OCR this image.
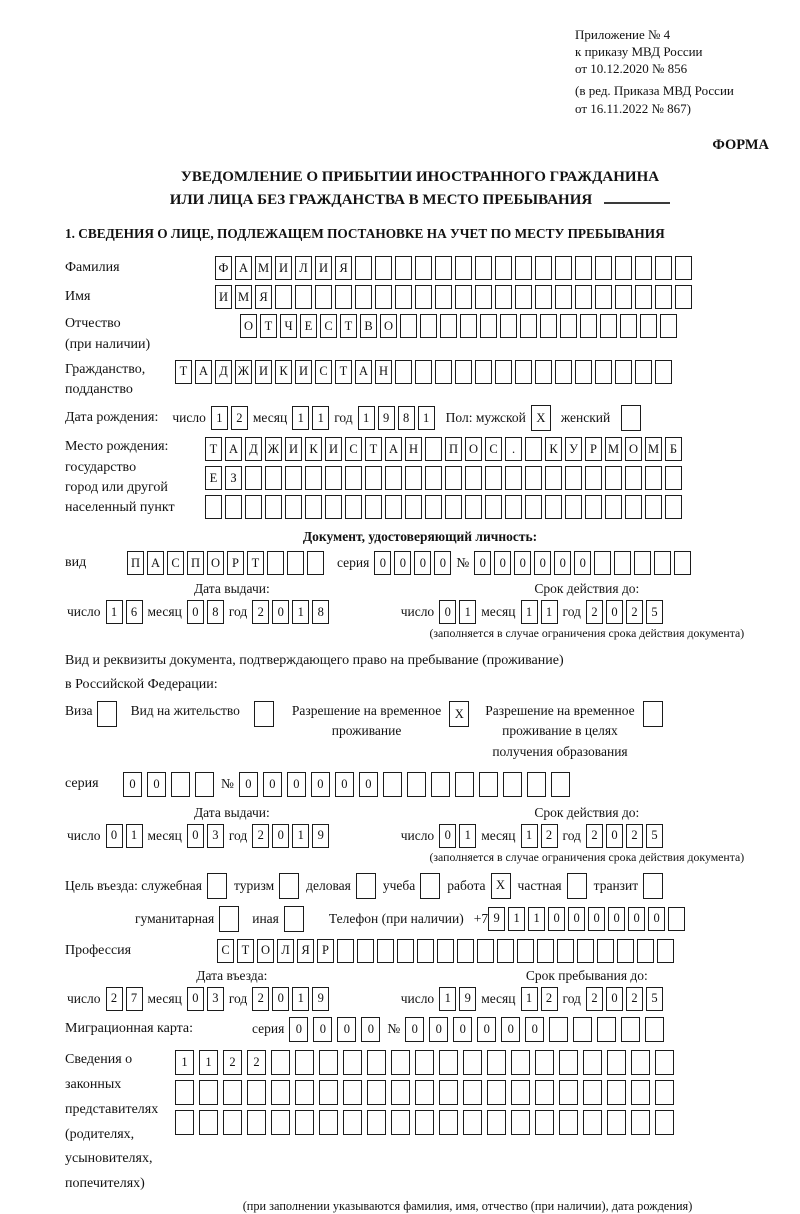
Приложение № 4
к приказу МВД России
от 10.12.2020 № 856
(в ред. Приказа МВД России
от 16.11.2022 № 867)
ФОРМА
УВЕДОМЛЕНИЕ О ПРИБЫТИИ ИНОСТРАННОГО ГРАЖДАНИНА
ИЛИ ЛИЦА БЕЗ ГРАЖДАНСТВА В МЕСТО ПРЕБЫВАНИЯ
1. СВЕДЕНИЯ О ЛИЦЕ, ПОДЛЕЖАЩЕМ ПОСТАНОВКЕ НА УЧЕТ ПО МЕСТУ ПРЕБЫВАНИЯ
Фамилия	Ф А М И Л И Я
Имя	И М Я
Отчество
(при наличии)
О Т Ч Е С Т В О
Гражданство,
подданство
Т А Д Ж И К И С Т А Н
Дата рождения: число 1	2 месяц 1	1 год 1	9	8	1	Пол: мужской X	женский
Место рождения:
государство
город или другой
населенный пункт
Т А Д Ж И К И С Т А Н	П О С	.	К У Р М О М Б
Е	З
Документ, удостоверяющий личность:
вид	П А С П О Р	Т	серия 0	0	0	0 № 0	0	0	0	0	0
Дата выдачи:
число 1	6 месяц 0	8 год 2	0	1	8
Срок действия до:
число 0	1 месяц 1	1 год 2	0	2	5
(заполняется в случае ограничения срока действия документа)
Вид и реквизиты документа, подтверждающего право на пребывание (проживание)
в Российской Федерации:
Виза	Вид на жительство	Разрешение на временное
проживание
X	Разрешение на временное
проживание в целях
получения образования
серия	0	0	№ 0	0	0	0	0	0
Дата выдачи:
число 0	1 месяц 0	3 год 2	0	1	9
Срок действия до:
число 0	1 месяц 1	2 год 2	0	2	5
(заполняется в случае ограничения срока действия документа)
Цель въезда: служебная туризм деловая учеба работа X частная транзит
гуманитарная	иная	Телефон (при наличии) +7 9	1	1	0	0	0	0	0	0
Профессия	С Т О Л Я Р
Дата въезда:
число 2	7 месяц 0	3 год 2	0	1	9
Срок пребывания до:
число 1	9 месяц 1	2 год 2	0	2	5
Миграционная карта:	серия 0	0	0	0 № 0	0	0	0	0	0
Сведения о
законных
представителях
(родителях,
усыновителях,
попечителях)
1	1	2	2
(при заполнении указываются фамилия, имя, отчество (при наличии), дата рождения)
